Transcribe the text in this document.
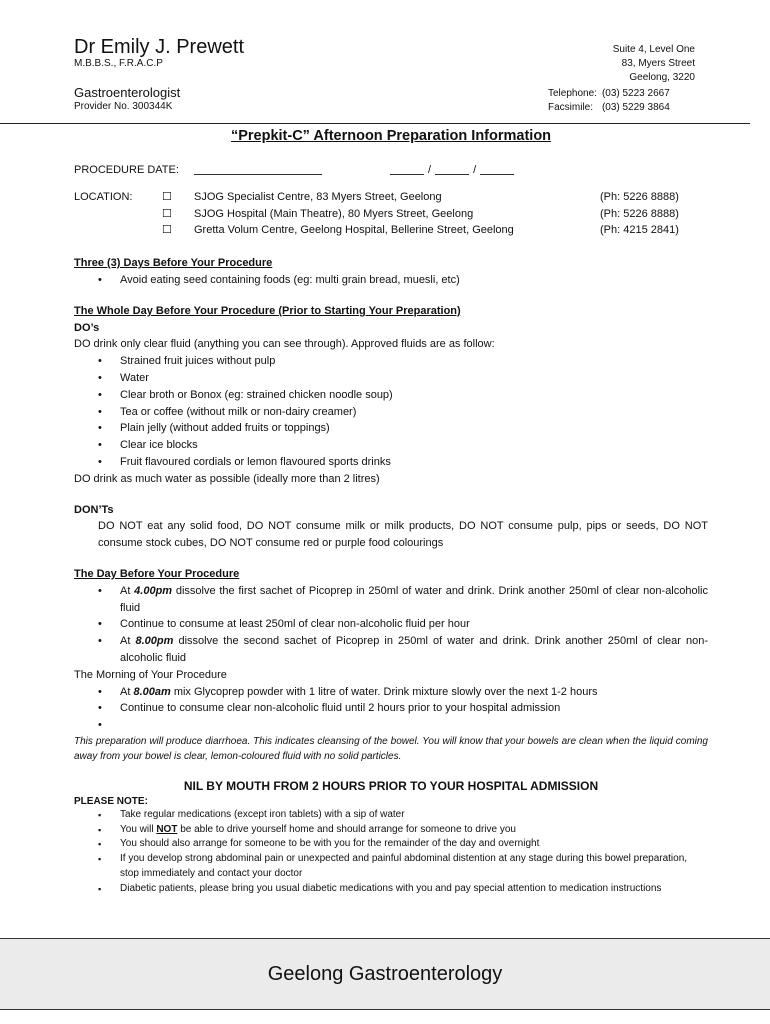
Dr Emily J. Prewett
M.B.B.S., F.R.A.C.P
Gastroenterologist
Provider No. 300344K
Suite 4, Level One
83, Myers Street
Geelong, 3220
Telephone:	(03) 5223 2667
Facsimile:	(03) 5229 3864

“Prepkit-C” Afternoon Preparation Information

PROCEDURE DATE:	/	/
LOCATION:	☐	SJOG Specialist Centre, 83 Myers Street, Geelong	(Ph: 5226 8888)
☐	SJOG Hospital (Main Theatre), 80 Myers Street, Geelong	(Ph: 5226 8888)
☐	Gretta Volum Centre, Geelong Hospital, Bellerine Street, Geelong	(Ph: 4215 2841)

Three (3) Days Before Your Procedure

• Avoid eating seed containing foods (eg: multi grain bread, muesli, etc)

The Whole Day Before Your Procedure (Prior to Starting Your Preparation)

DO’s

DO drink only clear fluid (anything you can see through). Approved fluids are as follow:

• Strained fruit juices without pulp
• Water
• Clear broth or Bonox (eg: strained chicken noodle soup)
• Tea or coffee (without milk or non-dairy creamer)
• Plain jelly (without added fruits or toppings)
• Clear ice blocks
• Fruit flavoured cordials or lemon flavoured sports drinks

DO drink as much water as possible (ideally more than 2 litres)

DON’Ts

DO NOT eat any solid food, DO NOT consume milk or milk products, DO NOT consume pulp, pips or seeds, DO NOT consume stock cubes, DO NOT consume red or purple food colourings

The Day Before Your Procedure

• At 4.00pm dissolve the first sachet of Picoprep in 250ml of water and drink. Drink another 250ml of clear non-alcoholic fluid
• Continue to consume at least 250ml of clear non-alcoholic fluid per hour
• At 8.00pm dissolve the second sachet of Picoprep in 250ml of water and drink. Drink another 250ml of clear non-alcoholic fluid

The Morning of Your Procedure

• At 8.00am mix Glycoprep powder with 1 litre of water. Drink mixture slowly over the next 1-2 hours
• Continue to consume clear non-alcoholic fluid until 2 hours prior to your hospital admission
•

This preparation will produce diarrhoea. This indicates cleansing of the bowel. You will know that your bowels are clean when the liquid coming away from your bowel is clear, lemon-coloured fluid with no solid particles.

NIL BY MOUTH FROM 2 HOURS PRIOR TO YOUR HOSPITAL ADMISSION

PLEASE NOTE:

▪ Take regular medications (except iron tablets) with a sip of water
▪ You will NOT be able to drive yourself home and should arrange for someone to drive you
▪ You should also arrange for someone to be with you for the remainder of the day and overnight
▪ If you develop strong abdominal pain or unexpected and painful abdominal distention at any stage during this bowel preparation, stop immediately and contact your doctor
▪ Diabetic patients, please bring you usual diabetic medications with you and pay special attention to medication instructions
Geelong Gastroenterology
